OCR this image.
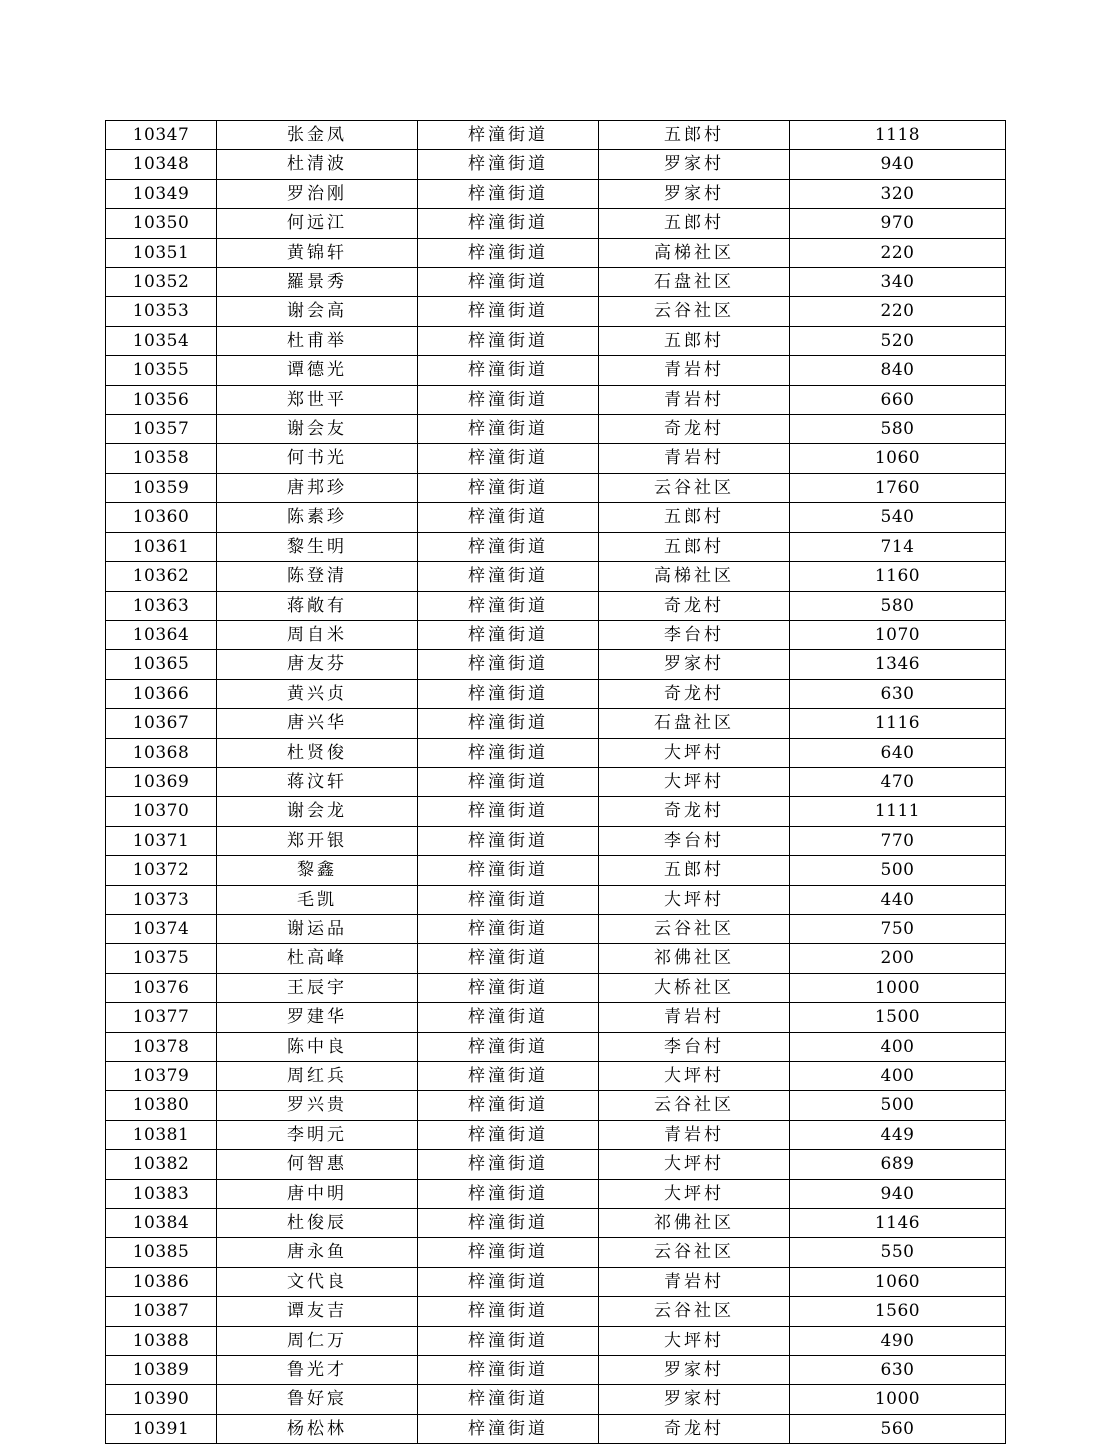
10347	张金凤	梓潼街道	五郎村	1118
10348	杜清波	梓潼街道	罗家村	940
10349	罗治刚	梓潼街道	罗家村	320
10350	何远江	梓潼街道	五郎村	970
10351	黄锦轩	梓潼街道	高梯社区	220
10352	羅景秀	梓潼街道	石盘社区	340
10353	谢会高	梓潼街道	云谷社区	220
10354	杜甫举	梓潼街道	五郎村	520
10355	谭德光	梓潼街道	青岩村	840
10356	郑世平	梓潼街道	青岩村	660
10357	谢会友	梓潼街道	奇龙村	580
10358	何书光	梓潼街道	青岩村	1060
10359	唐邦珍	梓潼街道	云谷社区	1760
10360	陈素珍	梓潼街道	五郎村	540
10361	黎生明	梓潼街道	五郎村	714
10362	陈登清	梓潼街道	高梯社区	1160
10363	蒋敞有	梓潼街道	奇龙村	580
10364	周自米	梓潼街道	李台村	1070
10365	唐友芬	梓潼街道	罗家村	1346
10366	黄兴贞	梓潼街道	奇龙村	630
10367	唐兴华	梓潼街道	石盘社区	1116
10368	杜贤俊	梓潼街道	大坪村	640
10369	蒋汶轩	梓潼街道	大坪村	470
10370	谢会龙	梓潼街道	奇龙村	1111
10371	郑开银	梓潼街道	李台村	770
10372	黎鑫	梓潼街道	五郎村	500
10373	毛凯	梓潼街道	大坪村	440
10374	谢运品	梓潼街道	云谷社区	750
10375	杜高峰	梓潼街道	祁佛社区	200
10376	王辰宇	梓潼街道	大桥社区	1000
10377	罗建华	梓潼街道	青岩村	1500
10378	陈中良	梓潼街道	李台村	400
10379	周红兵	梓潼街道	大坪村	400
10380	罗兴贵	梓潼街道	云谷社区	500
10381	李明元	梓潼街道	青岩村	449
10382	何智惠	梓潼街道	大坪村	689
10383	唐中明	梓潼街道	大坪村	940
10384	杜俊辰	梓潼街道	祁佛社区	1146
10385	唐永鱼	梓潼街道	云谷社区	550
10386	文代良	梓潼街道	青岩村	1060
10387	谭友吉	梓潼街道	云谷社区	1560
10388	周仁万	梓潼街道	大坪村	490
10389	鲁光才	梓潼街道	罗家村	630
10390	鲁好宸	梓潼街道	罗家村	1000
10391	杨松林	梓潼街道	奇龙村	560
